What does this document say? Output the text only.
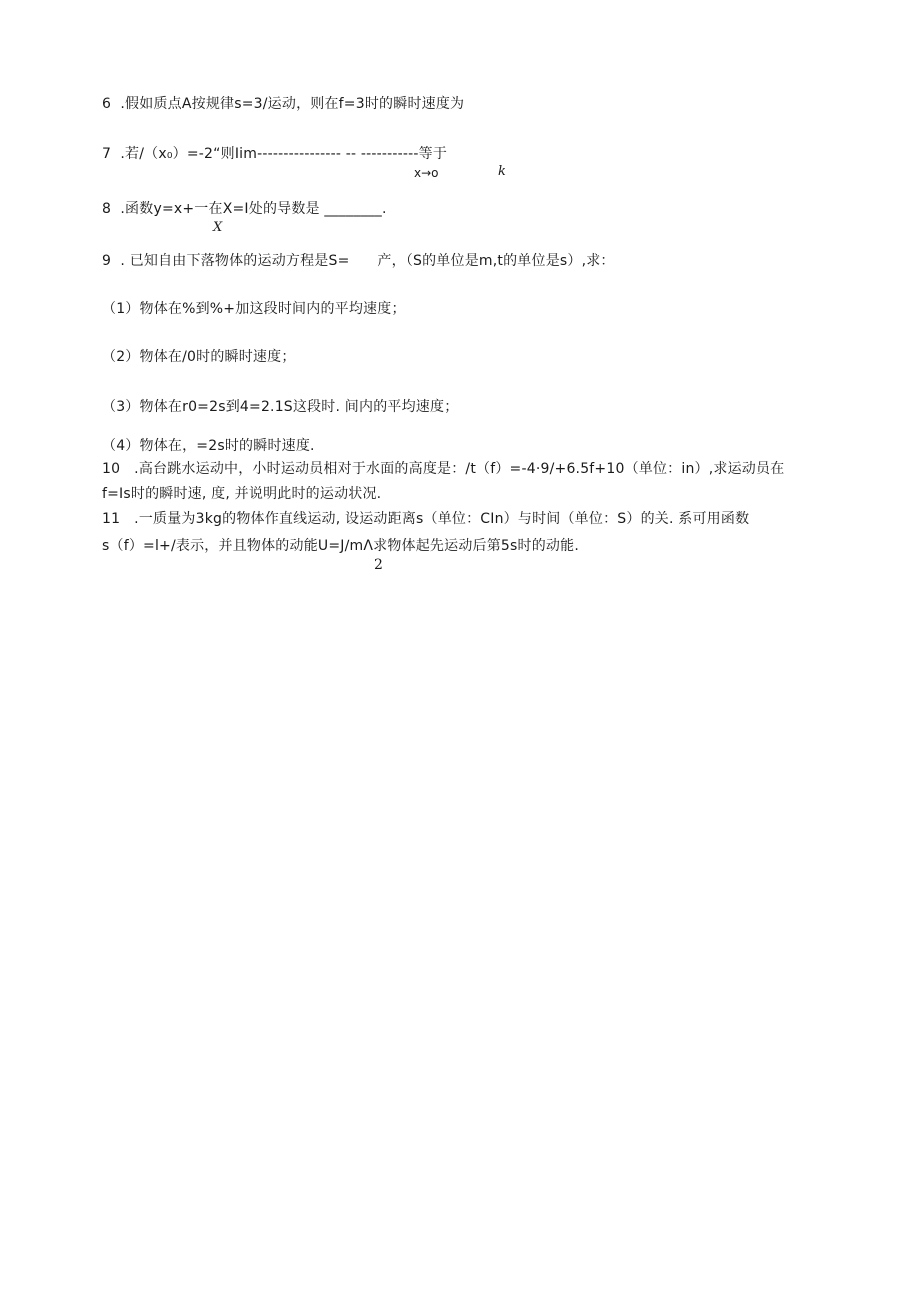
6  .假如质点A按规律s=3/运动，则在f=3时的瞬时速度为
7  .若/（x₀）=-2“则Iim---------------- -- -----------等于
x→o	k
8  .函数y=x+一在X=I处的导数是 ________.
X
9  . 已知自由下落物体的运动方程是S=      产，（S的单位是m,t的单位是s）,求：
（1）物体在%到%+加这段时间内的平均速度；
（2）物体在/0时的瞬时速度；
（3）物体在r0=2s到4=2.1S这段时. 间内的平均速度；
（4）物体在，=2s时的瞬时速度.
10   .高台跳水运动中，小时运动员相对于水面的高度是：/t（f）=-4·9/+6.5f+10（单位：in）,求运动员在
f=Is时的瞬时速, 度, 并说明此时的运动状况.
11   .一质量为3kg的物体作直线运动, 设运动距离s（单位：CIn）与时间（单位：S）的关. 系可用函数
s（f）=l+/表示，并且物体的动能U=J∕mΛ求物体起先运动后第5s时的动能.
2
